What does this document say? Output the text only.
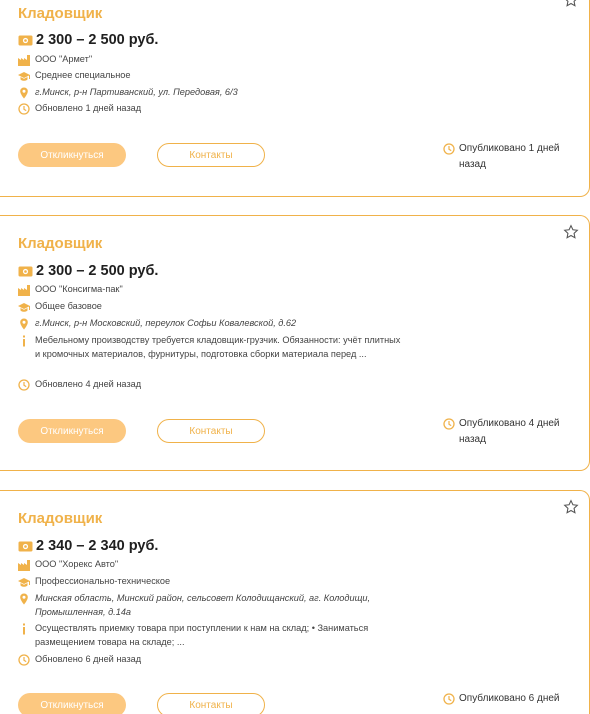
Кладовщик
2 300 – 2 500 руб.
ООО "Армет"
Среднее специальное
г.Минск, р-н Партиванский, ул. Передовая, 6/3
Обновлено 1 дней назад
Откликнуться	Контакты
Опубликовано 1 дней назад
Кладовщик
2 300 – 2 500 руб.
ООО "Консигма-пак"
Общее базовое
г.Минск, р-н Московский, переулок Софьи Ковалевской, д.62
Мебельному производству требуется кладовщик-грузчик. Обязанности: учёт плитных и кромочных материалов, фурнитуры, подготовка сборки материала перед ...
Обновлено 4 дней назад
Откликнуться	Контакты
Опубликовано 4 дней назад
Кладовщик
2 340 – 2 340 руб.
ООО "Хорекс Авто"
Профессионально-техническое
Минская область, Минский район, сельсовет Колодищанский, аг. Колодищи, Промышленная, д.14а
Осуществлять приемку товара при поступлении к нам на склад; • Заниматься размещением товара на складе; ...
Обновлено 6 дней назад
Откликнуться	Контакты
Опубликовано 6 дней
